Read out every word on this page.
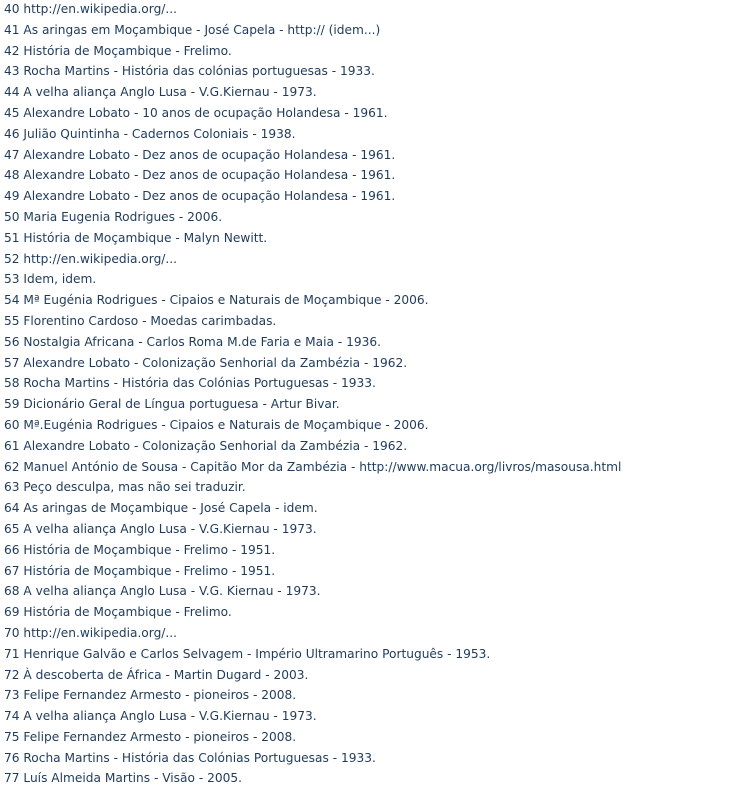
40 http://en.wikipedia.org/...
41 As aringas em Moçambique - José Capela - http:// (idem...)
42 História de Moçambique - Frelimo.
43 Rocha Martins - História das colónias portuguesas - 1933.
44 A velha aliança Anglo Lusa - V.G.Kiernau - 1973.
45 Alexandre Lobato - 10 anos de ocupação Holandesa - 1961.
46 Julião Quintinha - Cadernos Coloniais - 1938.
47 Alexandre Lobato - Dez anos de ocupação Holandesa - 1961.
48 Alexandre Lobato - Dez anos de ocupação Holandesa - 1961.
49 Alexandre Lobato - Dez anos de ocupação Holandesa - 1961.
50 Maria Eugenia Rodrigues - 2006.
51 História de Moçambique - Malyn Newitt.
52 http://en.wikipedia.org/...
53 Idem, idem.
54 Mª Eugénia Rodrigues - Cipaios e Naturais de Moçambique - 2006.
55 Florentino Cardoso - Moedas carimbadas.
56 Nostalgia Africana - Carlos Roma M.de Faria e Maia - 1936.
57 Alexandre Lobato - Colonização Senhorial da Zambézia - 1962.
58 Rocha Martins - História das Colónias Portuguesas - 1933.
59 Dicionário Geral de Língua portuguesa - Artur Bivar.
60 Mª.Eugénia Rodrigues - Cipaios e Naturais de Moçambique - 2006.
61 Alexandre Lobato - Colonização Senhorial da Zambézia - 1962.
62 Manuel António de Sousa - Capitão Mor da Zambézia - http://www.macua.org/livros/masousa.html
63 Peço desculpa, mas não sei traduzir.
64 As aringas de Moçambique - José Capela - idem.
65 A velha aliança Anglo Lusa - V.G.Kiernau - 1973.
66 História de Moçambique - Frelimo - 1951.
67 História de Moçambique - Frelimo - 1951.
68 A velha aliança Anglo Lusa - V.G. Kiernau - 1973.
69 História de Moçambique - Frelimo.
70 http://en.wikipedia.org/...
71 Henrique Galvão e Carlos Selvagem - Império Ultramarino Português - 1953.
72 À descoberta de África - Martin Dugard - 2003.
73 Felipe Fernandez Armesto - pioneiros - 2008.
74 A velha aliança Anglo Lusa - V.G.Kiernau - 1973.
75 Felipe Fernandez Armesto - pioneiros - 2008.
76 Rocha Martins - História das Colónias Portuguesas - 1933.
77 Luís Almeida Martins - Visão - 2005.
